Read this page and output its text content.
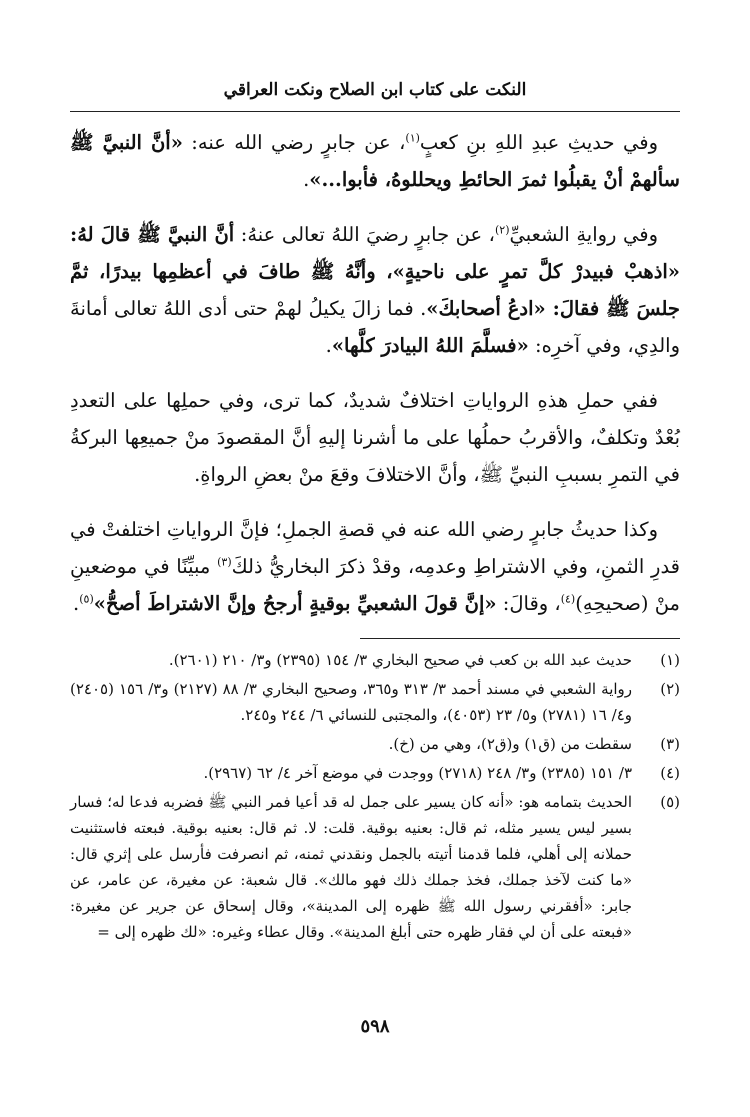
النكت على كتاب ابن الصلاح ونكت العراقي

وفي حديثِ عبدِ اللهِ بنِ كعبٍ$^{(١)}$، عن جابرٍ رضي الله عنه: «أنَّ النبيَّ ﷺ سألهمْ أنْ يقبلُوا ثمرَ الحائطِ ويحللوهُ، فأبوا...».

وفي روايةِ الشعبيِّ$^{(٢)}$، عن جابرٍ رضيَ اللهُ تعالى عنهُ: أنَّ النبيَّ ﷺ قالَ لهُ: «اذهبْ فبيدرْ كلَّ تمرٍ على ناحيةٍ»، وأنَّهُ ﷺ طافَ في أعظمِها بيدرًا، ثمَّ جلسَ ﷺ فقالَ: «ادعُ أصحابكَ». فما زالَ يكيلُ لهمْ حتى أدى اللهُ تعالى أمانةَ والدِي، وفي آخرِه: «فسلَّمَ اللهُ البيادرَ كلَّها».

ففي حملِ هذهِ الرواياتِ اختلافٌ شديدٌ، كما ترى، وفي حملِها على التعددِ بُعْدٌ وتكلفٌ، والأقربُ حملُها على ما أشرنا إليهِ أنَّ المقصودَ منْ جميعِها البركةُ في التمرِ بسببِ النبيِّ ﷺ، وأنَّ الاختلافَ وقعَ منْ بعضِ الرواةِ.

وكذا حديثُ جابرٍ رضي الله عنه في قصةِ الجملِ؛ فإنَّ الرواياتِ اختلفتْ في قدرِ الثمنِ، وفي الاشتراطِ وعدمِه، وقدْ ذكرَ البخاريُّ ذلكَ$^{(٣)}$ مبيِّنًا في موضعينِ منْ (صحيحِهِ)$^{(٤)}$، وقالَ: «إنَّ قولَ الشعبيِّ بوقيةٍ أرجحُ وإنَّ الاشتراطَ أصحُّ»$^{(٥)}$.

(١)
حديث عبد الله بن كعب في صحيح البخاري ٣/ ١٥٤ (٢٣٩٥) و٣/ ٢١٠ (٢٦٠١).
(٢)
رواية الشعبي في مسند أحمد ٣/ ٣١٣ و٣٦٥، وصحيح البخاري ٣/ ٨٨ (٢١٢٧) و٣/ ١٥٦ (٢٤٠٥) و٤/ ١٦ (٢٧٨١) و٥/ ٢٣ (٤٠٥٣)، والمجتبى للنسائي ٦/ ٢٤٤ و٢٤٥.
(٣)
سقطت من (ق١) و(ق٢)، وهي من (خ).
(٤)
٣/ ١٥١ (٢٣٨٥) و٣/ ٢٤٨ (٢٧١٨) ووجدت في موضع آخر ٤/ ٦٢ (٢٩٦٧).
(٥)
الحديث بتمامه هو: «أنه كان يسير على جمل له قد أعيا فمر النبي ﷺ فضربه فدعا له؛ فسار بسير ليس يسير مثله، ثم قال: بعنيه بوقية. قلت: لا. ثم قال: بعنيه بوقية. فبعته فاستثنيت حملانه إلى أهلي، فلما قدمنا أتيته بالجمل ونقدني ثمنه، ثم انصرفت فأرسل على إثري قال: «ما كنت لآخذ جملك، فخذ جملك ذلك فهو مالك». قال شعبة: عن مغيرة، عن عامر، عن جابر: «أفقرني رسول الله ﷺ ظهره إلى المدينة»، وقال إسحاق عن جرير عن مغيرة: «فبعته على أن لي فقار ظهره حتى أبلغ المدينة». وقال عطاء وغيره: «لك ظهره إلى =
٥٩٨
